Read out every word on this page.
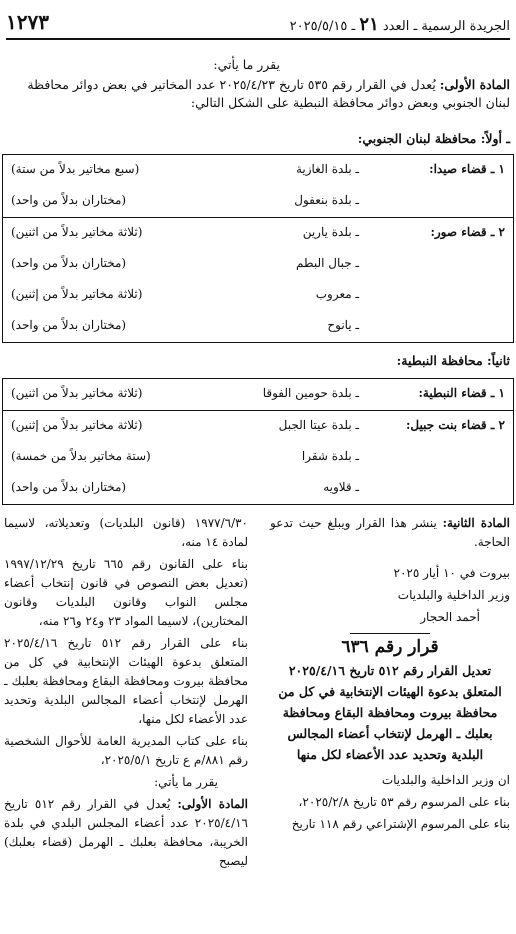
١٢٧٣	الجريدة الرسمية ـ العدد ٢١ ـ ٢٠٢٥/٥/١٥
يقرر ما يأتي:
المادة الأولى: يُعدل في القرار رقم ٥٣٥ تاريخ ٢٠٢٥/٤/٢٣ عدد المخاتير في بعض دوائر محافظة لبنان الجنوبي وبعض دوائر محافظة النبطية على الشكل التالي:
ـ أولاً: محافظة لبنان الجنوبي:
١ ـ قضاء صيدا:
ـ بلدة الغازية
(سبع مخاتير بدلاً من ستة)
ـ بلدة بنعفول
(مختاران بدلاً من واحد)
٢ ـ قضاء صور:
ـ بلدة يارين
(ثلاثة مخاتير بدلاً من اثنين)
ـ جبال البطم
(مختاران بدلاً من واحد)
ـ معروب
(ثلاثة مخاتير بدلاً من إثنين)
ـ يانوح
(مختاران بدلاً من واحد)
ثانياً: محافظة النبطية:
١ ـ قضاء النبطية:
ـ بلدة حومين الفوقا
(ثلاثة مخاتير بدلاً من اثنين)
٢ ـ قضاء بنت جبيل:
ـ بلدة عيتا الجبل
(ثلاثة مخاتير بدلاً من إثنين)
ـ بلدة شقرا
(ستة مخاتير بدلاً من خمسة)
ـ قلاويه
(مختاران بدلاً من واحد)

المادة الثانية: ينشر هذا القرار ويبلغ حيث تدعو الحاجة.

بيروت في ١٠ أيار ٢٠٢٥

وزير الداخلية والبلديات

أحمد الحجار

قرار رقم ٦٣٦

تعديل القرار رقم ٥١٢ تاريخ ٢٠٢٥/٤/١٦ المتعلق بدعوة الهيئات الإنتخابية في كل من محافظة بيروت ومحافظة البقاع ومحافظة بعلبك ـ الهرمل لإنتخاب أعضاء المجالس البلدية وتحديد عدد الأعضاء لكل منها

ان وزير الداخلية والبلديات

بناء على المرسوم رقم ٥٣ تاريخ ٢٠٢٥/٢/٨،

بناء على المرسوم الإشتراعي رقم ١١٨ تاريخ

١٩٧٧/٦/٣٠ (قانون البلديات) وتعديلاته، لاسيما لمادة ١٤ منه،

بناء على القانون رقم ٦٦٥ تاريخ ١٩٩٧/١٢/٢٩ (تعديل بعض النصوص في قانون إنتخاب أعضاء مجلس النواب وقانون البلديات وقانون المختارين)، لاسيما المواد ٢٣ و٢٤ و٢٦ منه،

بناء على القرار رقم ٥١٢ تاريخ ٢٠٢٥/٤/١٦ المتعلق بدعوة الهيئات الإنتخابية في كل من محافظة بيروت ومحافظة البقاع ومحافظة بعلبك ـ الهرمل لإنتخاب أعضاء المجالس البلدية وتحديد عدد الأعضاء لكل منها،

بناء على كتاب المديرية العامة للأحوال الشخصية رقم ٨٨١/م ع تاريخ ٢٠٢٥/٥/١،

يقرر ما يأتي:

المادة الأولى: يُعدل في القرار رقم ٥١٢ تاريخ ٢٠٢٥/٤/١٦ عدد أعضاء المجلس البلدي في بلدة الخريبة، محافظة بعلبك ـ الهرمل (قضاء بعلبك) ليصبح
